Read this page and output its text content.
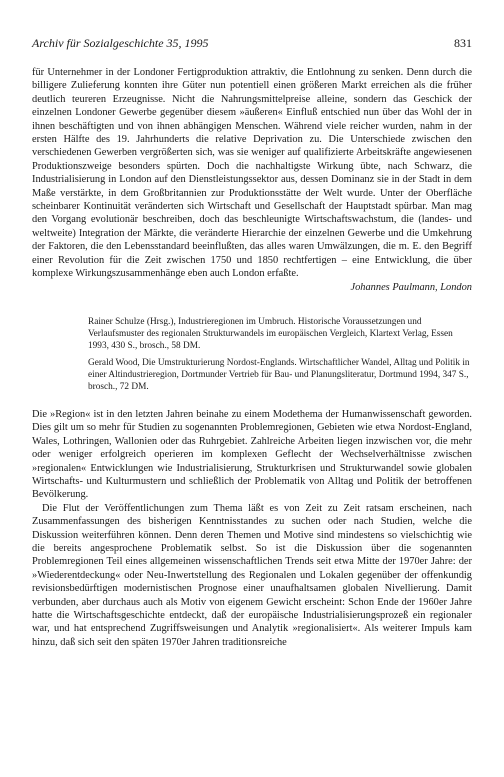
Archiv für Sozialgeschichte 35, 1995	831

für Unternehmer in der Londoner Fertigproduktion attraktiv, die Entlohnung zu senken. Denn durch die billigere Zulieferung konnten ihre Güter nun potentiell einen größeren Markt erreichen als die früher deutlich teureren Erzeugnisse. Nicht die Nahrungsmittelpreise alleine, sondern das Geschick der einzelnen Londoner Gewerbe gegenüber diesem »äußeren« Einfluß entschied nun über das Wohl der in ihnen beschäftigten und von ihnen abhängigen Menschen. Während viele reicher wurden, nahm in der ersten Hälfte des 19. Jahrhunderts die relative Deprivation zu. Die Unterschiede zwischen den verschiedenen Gewerben vergrößerten sich, was sie weniger auf qualifizierte Arbeitskräfte angewiesenen Produktionszweige besonders spürten. Doch die nachhaltigste Wirkung übte, nach Schwarz, die Industrialisierung in London auf den Dienstleistungssektor aus, dessen Dominanz sie in der Stadt in dem Maße verstärkte, in dem Großbritannien zur Produktionsstätte der Welt wurde. Unter der Oberfläche scheinbarer Kontinuität veränderten sich Wirtschaft und Gesellschaft der Hauptstadt spürbar. Man mag den Vorgang evolutionär beschreiben, doch das beschleunigte Wirtschaftswachstum, die (landes- und weltweite) Integration der Märkte, die veränderte Hierarchie der einzelnen Gewerbe und die Umkehrung der Faktoren, die den Lebensstandard beeinflußten, das alles waren Umwälzungen, die m. E. den Begriff einer Revolution für die Zeit zwischen 1750 und 1850 rechtfertigen – eine Entwicklung, die über komplexe Wirkungszusammenhänge eben auch London erfaßte.

Johannes Paulmann, London

Rainer Schulze (Hrsg.), Industrieregionen im Umbruch. Historische Voraussetzungen und Verlaufsmuster des regionalen Strukturwandels im europäischen Vergleich, Klartext Verlag, Essen 1993, 430 S., brosch., 58 DM.

Gerald Wood, Die Umstrukturierung Nordost-Englands. Wirtschaftlicher Wandel, Alltag und Politik in einer Altindustrieregion, Dortmunder Vertrieb für Bau- und Planungsliteratur, Dortmund 1994, 347 S., brosch., 72 DM.

Die »Region« ist in den letzten Jahren beinahe zu einem Modethema der Humanwissenschaft geworden. Dies gilt um so mehr für Studien zu sogenannten Problemregionen, Gebieten wie etwa Nordost-England, Wales, Lothringen, Wallonien oder das Ruhrgebiet. Zahlreiche Arbeiten liegen inzwischen vor, die mehr oder weniger erfolgreich operieren im komplexen Geflecht der Wechselverhältnisse zwischen »regionalen« Entwicklungen wie Industrialisierung, Strukturkrisen und Strukturwandel sowie globalen Wirtschafts- und Kulturmustern und schließlich der Problematik von Alltag und Politik der betroffenen Bevölkerung.

Die Flut der Veröffentlichungen zum Thema läßt es von Zeit zu Zeit ratsam erscheinen, nach Zusammenfassungen des bisherigen Kenntnisstandes zu suchen oder nach Studien, welche die Diskussion weiterführen können. Denn deren Themen und Motive sind mindestens so vielschichtig wie die bereits angesprochene Problematik selbst. So ist die Diskussion über die sogenannten Problemregionen Teil eines allgemeinen wissenschaftlichen Trends seit etwa Mitte der 1970er Jahre: der »Wiederentdeckung« oder Neu-Inwertstellung des Regionalen und Lokalen gegenüber der offenkundig revisionsbedürftigen modernistischen Prognose einer unaufhaltsamen globalen Nivellierung. Damit verbunden, aber durchaus auch als Motiv von eigenem Gewicht erscheint: Schon Ende der 1960er Jahre hatte die Wirtschaftsgeschichte entdeckt, daß der europäische Industrialisierungsprozeß ein regionaler war, und hat entsprechend Zugriffsweisungen und Analytik »regionalisiert«. Als weiterer Impuls kam hinzu, daß sich seit den späten 1970er Jahren traditionsreiche
